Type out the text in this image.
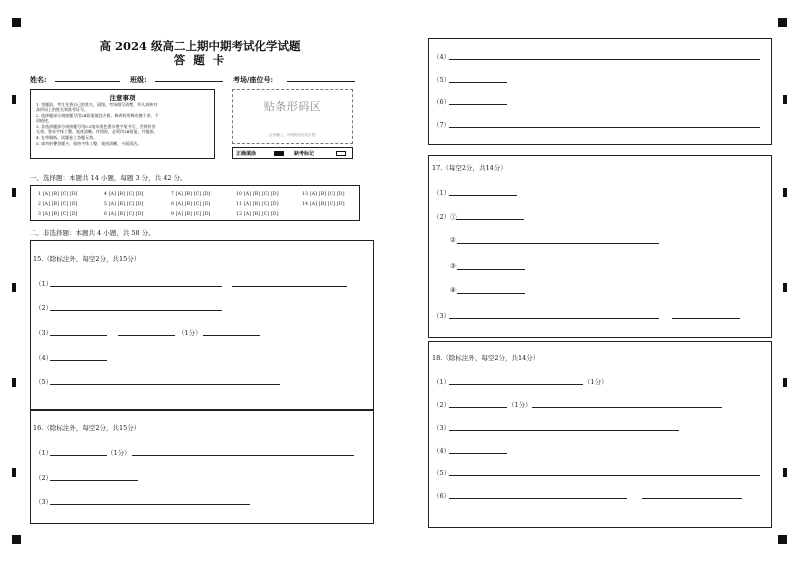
高 2024 级高二上期中期考试化学试题
答 题 卡
姓名:	班级:	考场/座位号:
注意事项
1. 答题前，考生先将自己的姓名、班级、考场填写清楚，并认真核对
条形码上的姓名和准考证号。
2. 选择题部分请按题号用2B铅笔填涂方框，修改时用橡皮擦干净，不
留痕迹。
3. 非选择题部分请按题号用0.5毫米黑色墨水签字笔书写，否则作答
无效，要求字体工整、笔迹清晰。作图时，必须用2B铅笔，并描浓。
4. 在草稿纸、试题卷上答题无效。
5. 请勿折叠答题卡，保持字体工整、笔迹清晰、卡面清洁。
贴条形码区
（正面朝上，切勿贴出虚线方框）
正确填涂	缺考标记
一、选择题：本题共 14 小题，每题 3 分，共 42 分。
1 [A] [B] [C] [D]	4 [A] [B] [C] [D]	7 [A] [B] [C] [D]	10 [A] [B] [C] [D]	13 [A] [B] [C] [D]
2 [A] [B] [C] [D]	5 [A] [B] [C] [D]	8 [A] [B] [C] [D]	11 [A] [B] [C] [D]	14 [A] [B] [C] [D]
3 [A] [B] [C] [D]	6 [A] [B] [C] [D]	9 [A] [B] [C] [D]	12 [A] [B] [C] [D]
二、非选择题：本题共 4 小题，共 58 分。
15.（除标注外，每空2分，共15分）
（1）
（2）
（3）	（1分）
（4）
（5）
16.（除标注外，每空2分，共15分）
（1）	（1分）
（2）
（3）
（4）
（5）
（6）
（7）
17.（每空2分，共14分）
（1）
（2）①
②
③
④
（3）
18.（除标注外，每空2分，共14分）
（1）	（1分）
（2）	（1分）
（3）
（4）
（5）
（6）
